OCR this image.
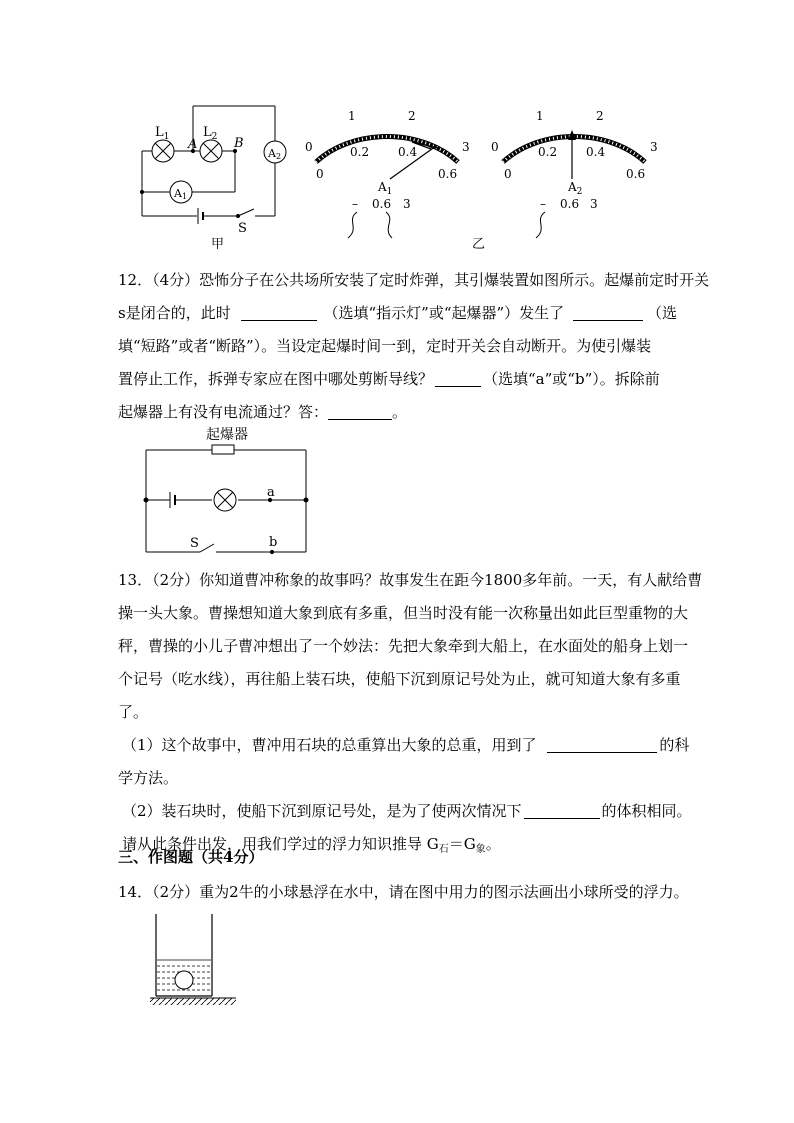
$L_1$	$L_2$
A	B
A1
A2
S
甲	乙
0
1	2
3
0
0.2 0.4
0.6
$A_1$
– 0.6 3
0
1	2
3
0
0.2 0.4
0.6
$A_2$
– 0.6 3

12．（4分）恐怖分子在公共场所安装了定时炸弹，其引爆装置如图所示。起爆前定时开关

s是闭合的，此时	（选填“指示灯”或“起爆器”）发生了	（选

填“短路”或者“断路”）。当设定起爆时间一到，定时开关会自动断开。为使引爆装

置停止工作，拆弹专家应在图中哪处剪断导线？	（选填“a”或“b”）。拆除前

起爆器上有没有电流通过？答：	。

起爆器
a
b
S

13．（2分）你知道曹冲称象的故事吗？故事发生在距今1800多年前。一天，有人献给曹

操一头大象。曹操想知道大象到底有多重，但当时没有能一次称量出如此巨型重物的大

秤，曹操的小儿子曹冲想出了一个妙法：先把大象牵到大船上，在水面处的船身上划一

个记号（吃水线），再往船上装石块，使船下沉到原记号处为止，就可知道大象有多重

了。

（1）这个故事中，曹冲用石块的总重算出大象的总重，用到了	的科

学方法。

（2）装石块时，使船下沉到原记号处，是为了使两次情况下	的体积相同。

请从此条件出发，用我们学过的浮力知识推导 $G_石=G_象$。

三、作图题（共4分）

14．（2分）重为2牛的小球悬浮在水中，请在图中用力的图示法画出小球所受的浮力。
